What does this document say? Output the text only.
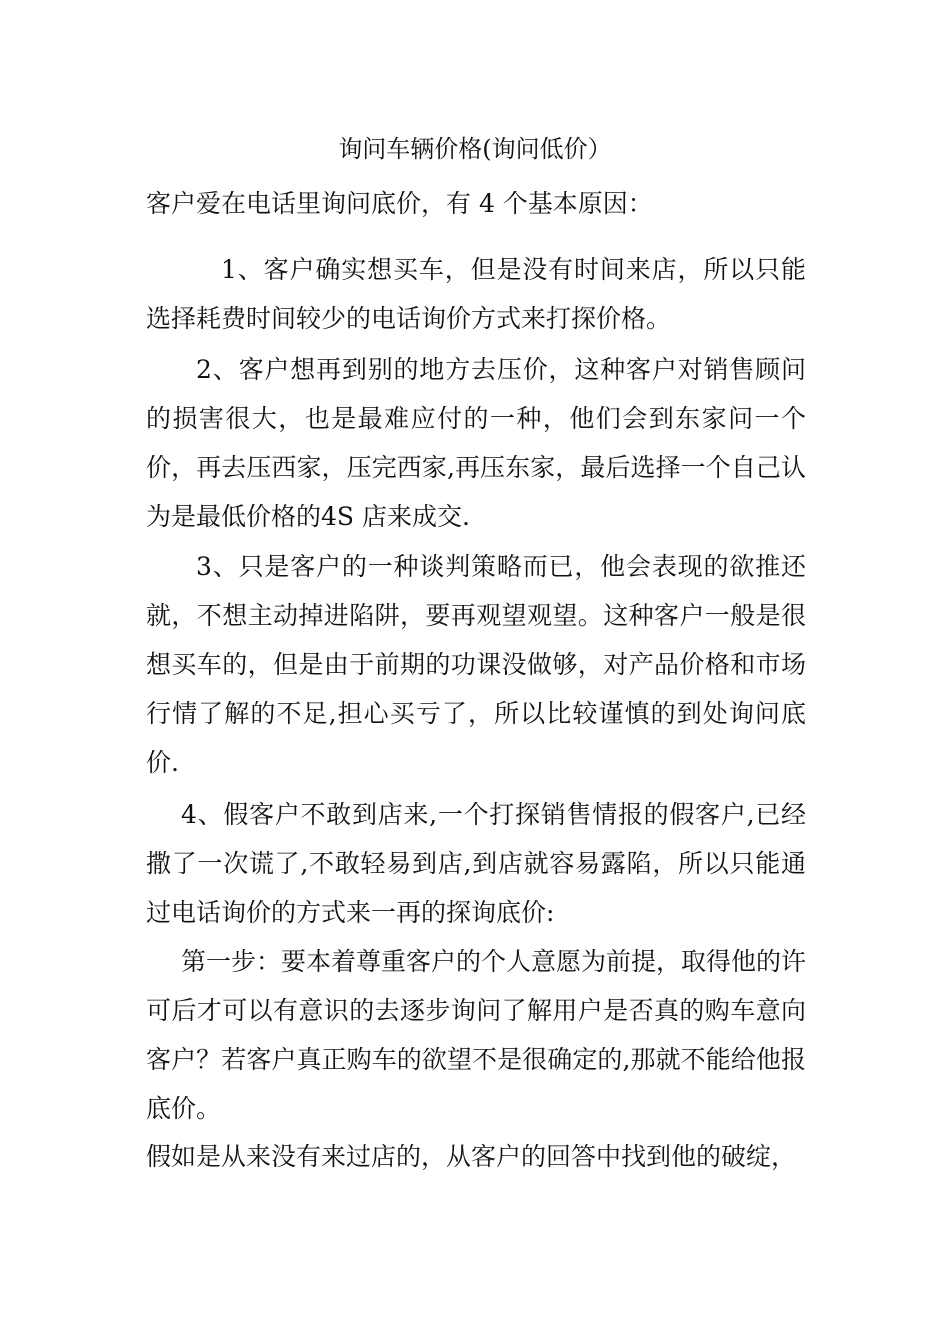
询问车辆价格(询问低价）

客户爱在电话里询问底价，有 4 个基本原因：

1、客户确实想买车，但是没有时间来店，所以只能选择耗费时间较少的电话询价方式来打探价格。

2、客户想再到别的地方去压价，这种客户对销售顾问的损害很大，也是最难应付的一种，他们会到东家问一个价，再去压西家，压完西家,再压东家，最后选择一个自己认为是最低价格的4S 店来成交.

3、只是客户的一种谈判策略而已，他会表现的欲推还就，不想主动掉进陷阱，要再观望观望。这种客户一般是很想买车的，但是由于前期的功课没做够，对产品价格和市场行情了解的不足,担心买亏了，所以比较谨慎的到处询问底价.

4、假客户不敢到店来,一个打探销售情报的假客户,已经撒了一次谎了,不敢轻易到店,到店就容易露陷，所以只能通过电话询价的方式来一再的探询底价:

第一步：要本着尊重客户的个人意愿为前提，取得他的许可后才可以有意识的去逐步询问了解用户是否真的购车意向客户？若客户真正购车的欲望不是很确定的,那就不能给他报底价。

假如是从来没有来过店的，从客户的回答中找到他的破绽，
